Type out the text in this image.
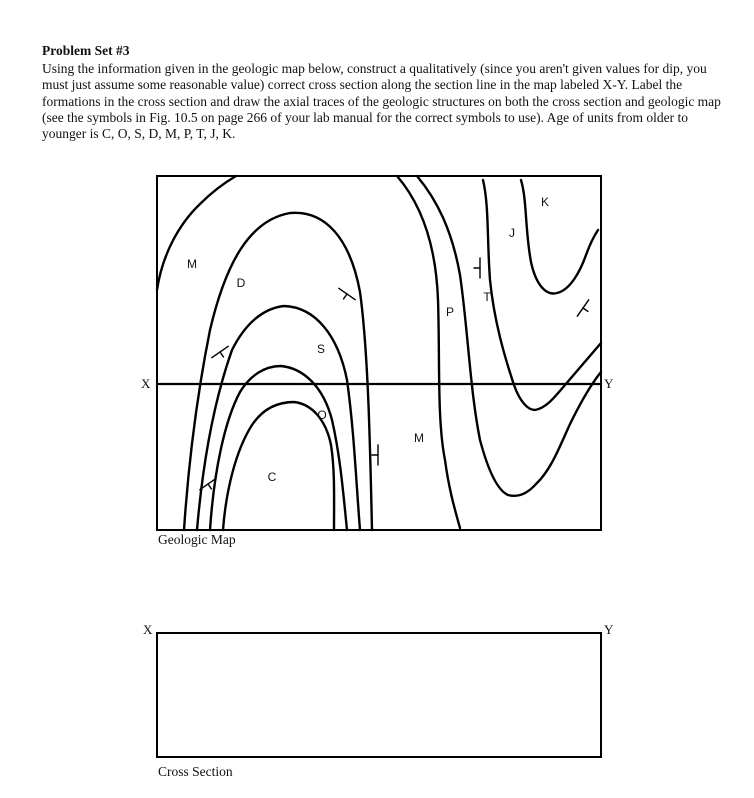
Problem Set #3

Using the information given in the geologic map below, construct a qualitatively (since you aren't given values for dip, you must just assume some reasonable value) correct cross section along the section line in the map labeled X-Y. Label the formations in the cross section and draw the axial traces of the geologic structures on both the cross section and geologic map (see the symbols in Fig. 10.5 on page 266 of your lab manual for the correct symbols to use). Age of units from older to younger is C, O, S, D, M, P, T, J, K.

M
D
S
O
C
M
P
T
J
K
X	Y
Geologic Map
X	Y
Cross Section
